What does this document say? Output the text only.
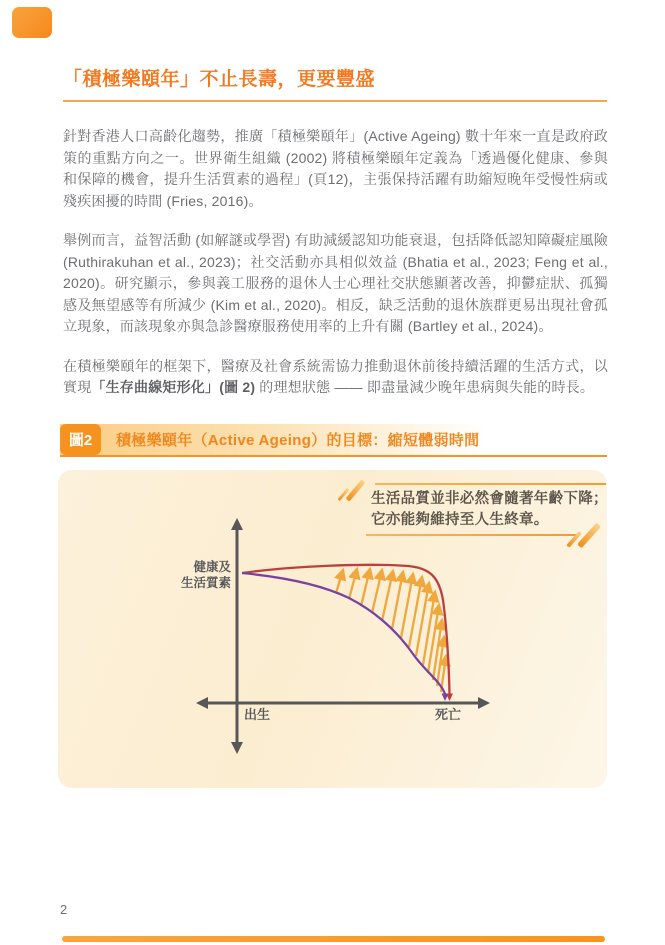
「積極樂頤年」不止長壽，更要豐盛

針對香港人口高齡化趨勢，推廣「積極樂頤年」(Active Ageing) 數十年來一直是政府政策的重點方向之一。世界衛生組織 (2002) 將積極樂頤年定義為「透過優化健康、參與和保障的機會，提升生活質素的過程」(頁12)，主張保持活躍有助縮短晚年受慢性病或殘疾困擾的時間 (Fries, 2016)。

舉例而言，益智活動 (如解謎或學習) 有助減緩認知功能衰退，包括降低認知障礙症風險 (Ruthirakuhan et al., 2023)；社交活動亦具相似效益 (Bhatia et al., 2023; Feng et al., 2020)。研究顯示，參與義工服務的退休人士心理社交狀態顯著改善，抑鬱症狀、孤獨感及無望感等有所減少 (Kim et al., 2020)。相反，缺乏活動的退休族群更易出現社會孤立現象，而該現象亦與急診醫療服務使用率的上升有關 (Bartley et al., 2024)。

在積極樂頤年的框架下，醫療及社會系統需協力推動退休前後持續活躍的生活方式，以實現「生存曲線矩形化」(圖 2) 的理想狀態 —— 即盡量減少晚年患病與失能的時長。

圖2	積極樂頤年（Active Ageing）的目標：縮短體弱時間
生活品質並非必然會隨著年齡下降；
它亦能夠維持至人生終章。
健康及
生活質素
出生	死亡
2
